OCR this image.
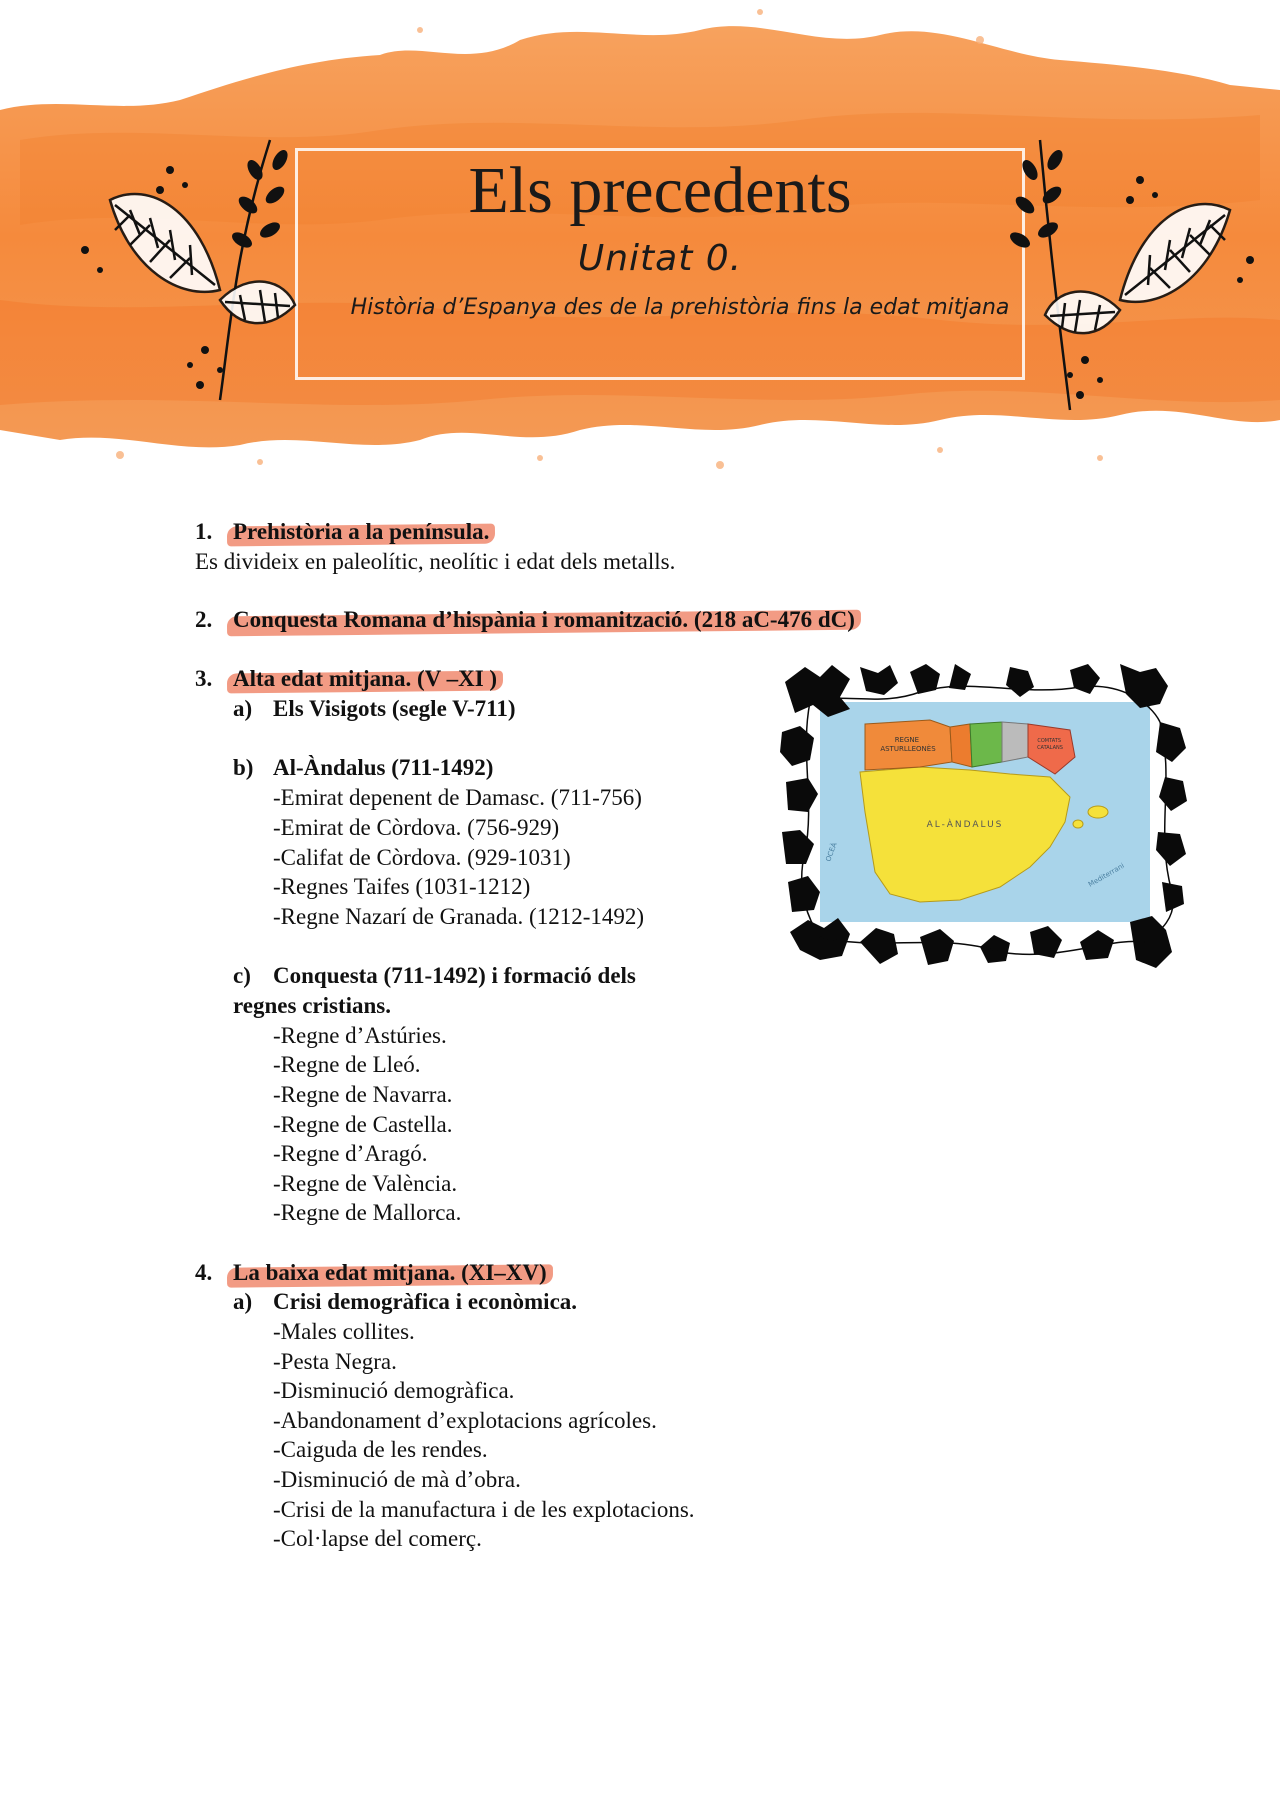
Els precedents
Unitat 0.
Història d’Espanya des de la prehistòria fins la edat mitjana
1. Prehistòria a la península.
Es divideix en paleolític, neolític i edat dels metalls.
2. Conquesta Romana d’hispània i romanització. (218 aC-476 dC)
3. Alta edat mitjana. (V –XI )
a) Els Visigots (segle V-711)
b) Al-Àndalus (711-1492)
-Emirat depenent de Damasc. (711-756)
-Emirat de Còrdova. (756-929)
-Califat de Còrdova. (929-1031)
-Regnes Taifes (1031-1212)
-Regne Nazarí de Granada. (1212-1492)
c) Conquesta (711-1492) i formació dels
regnes cristians.
-Regne d’Astúries.
-Regne de Lleó.
-Regne de Navarra.
-Regne de Castella.
-Regne d’Aragó.
-Regne de València.
-Regne de Mallorca.
4. La baixa edat mitjana. (XI–XV)
a) Crisi demogràfica i econòmica.
-Males collites.
-Pesta Negra.
-Disminució demogràfica.
-Abandonament d’explotacions agrícoles.
-Caiguda de les rendes.
-Disminució de mà d’obra.
-Crisi de la manufactura i de les explotacions.
-Col·lapse del comerç.
REGNE ASTURLLEONÈS
AL-ÀNDALUS
COMTATS CATALANS
OCEÀ
Mediterrani
